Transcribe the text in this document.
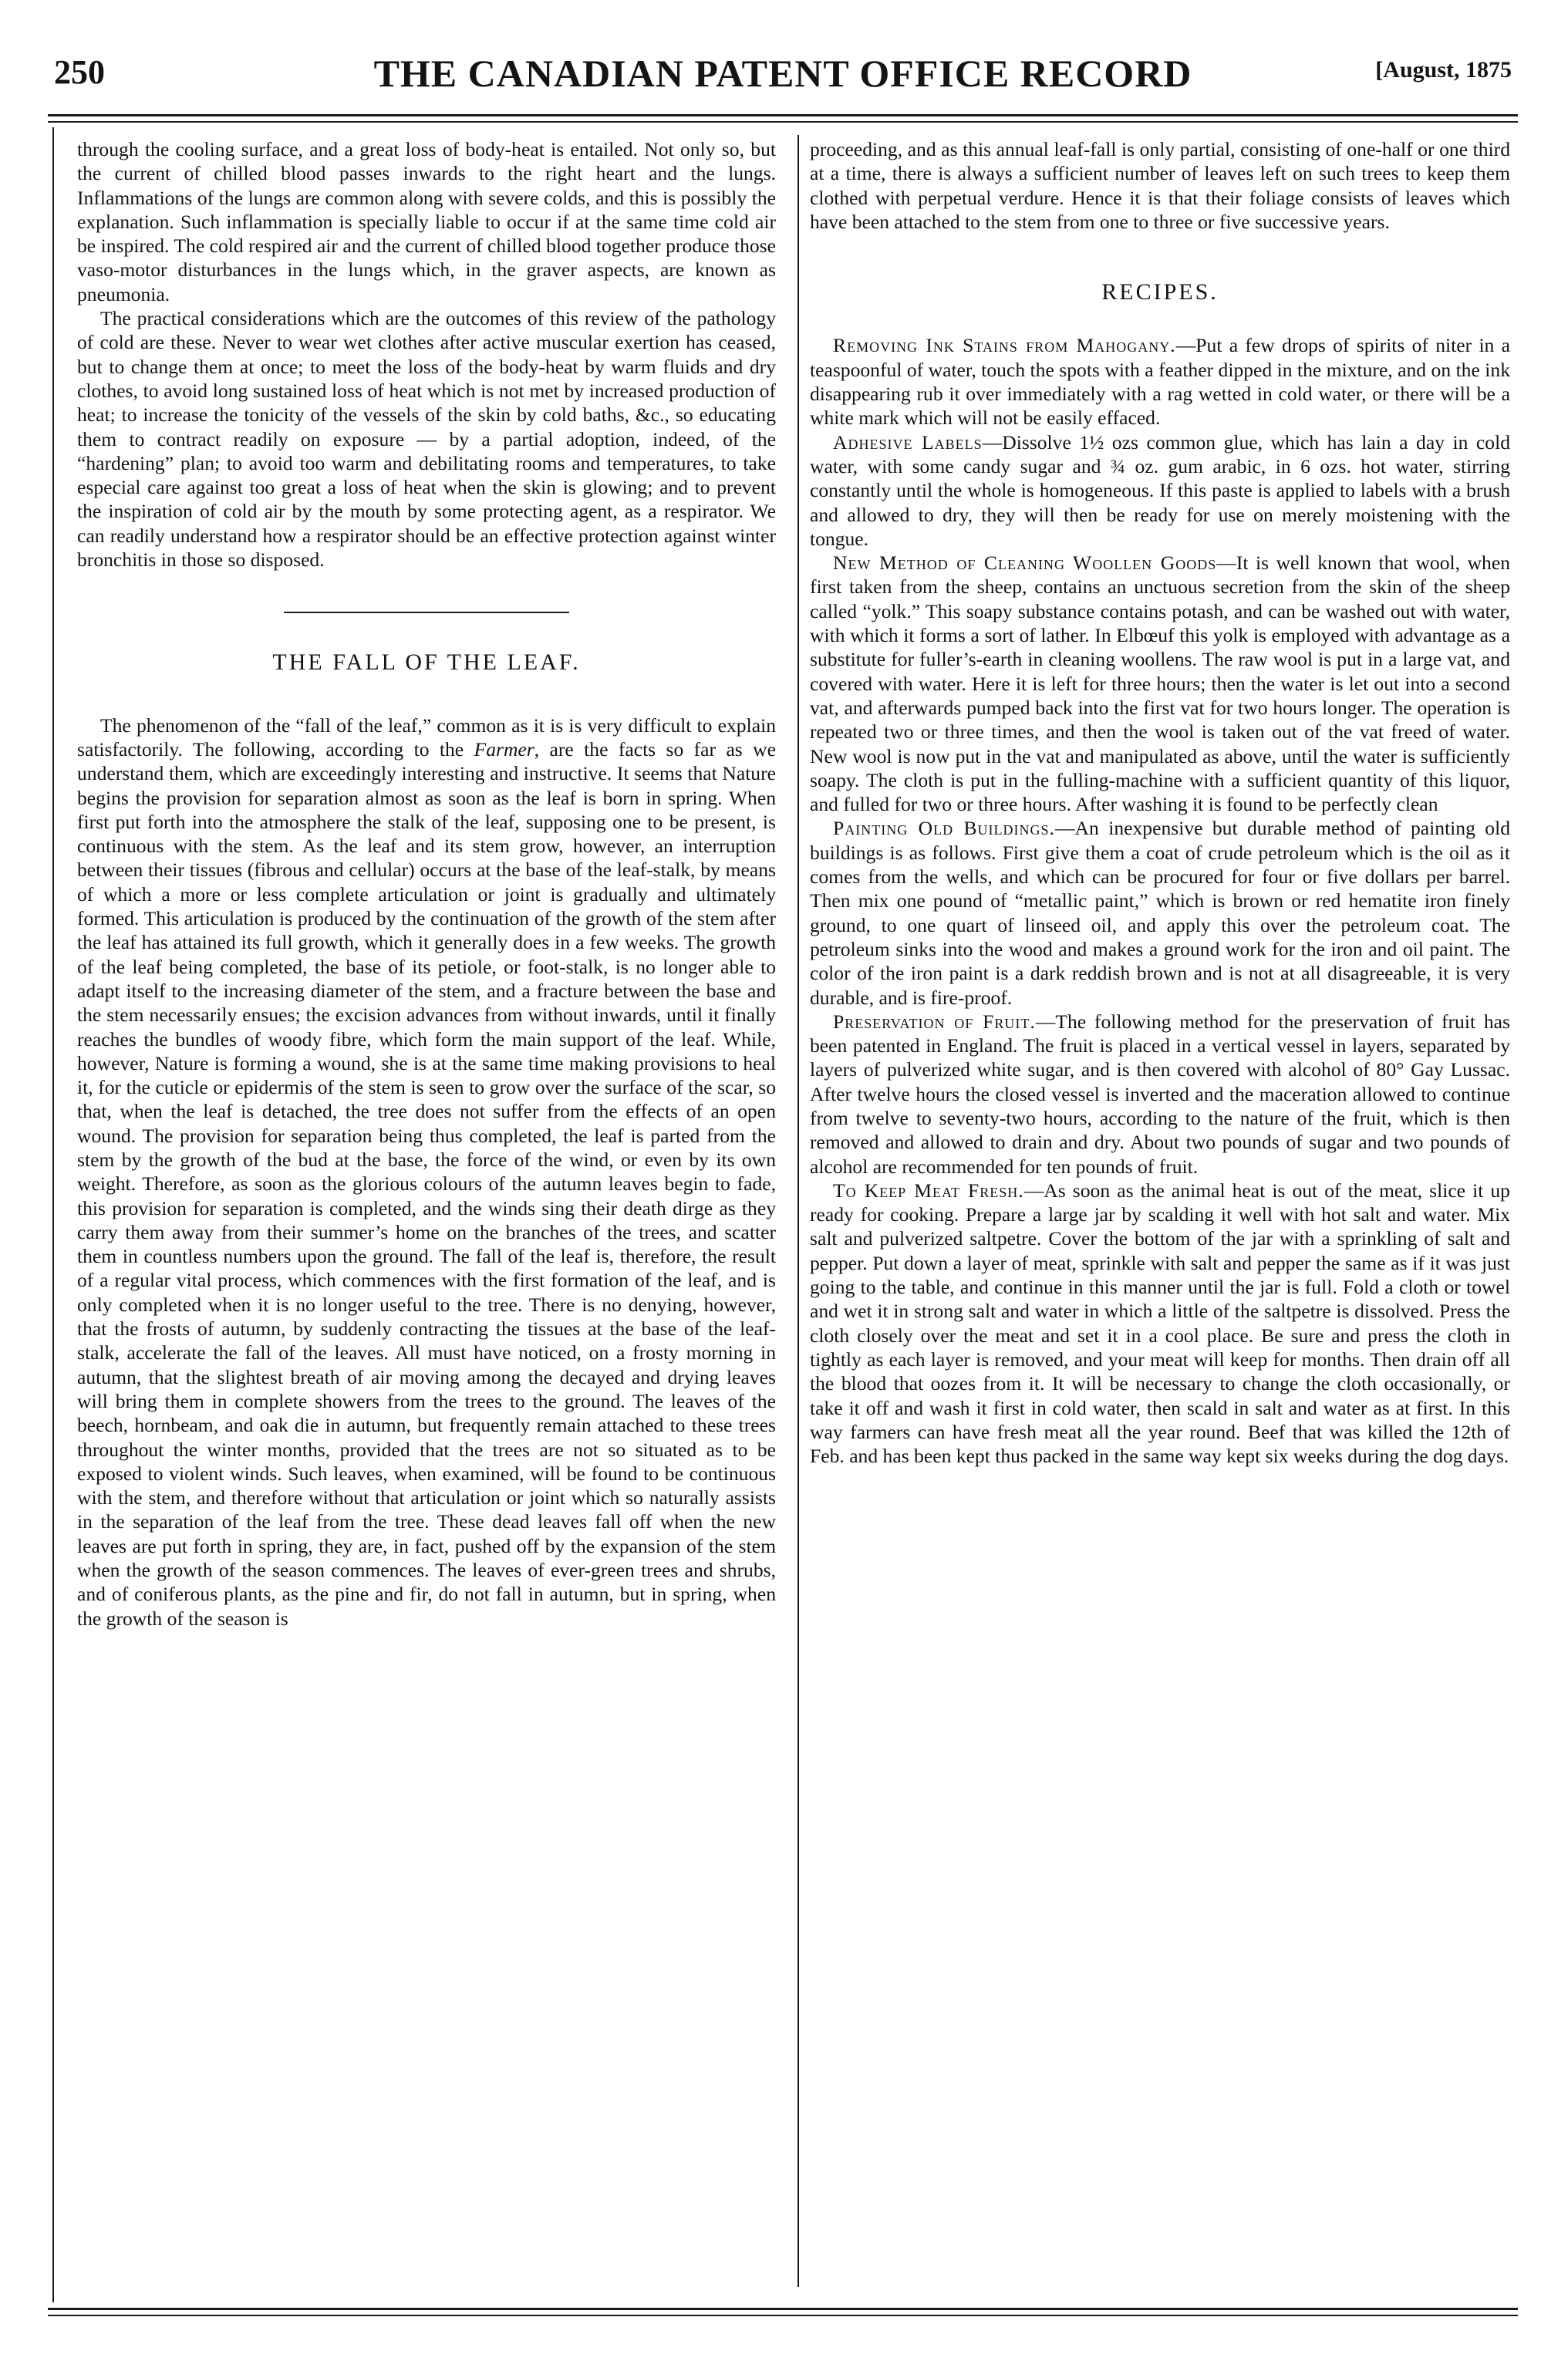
250	THE CANADIAN PATENT OFFICE RECORD	[August, 1875

through the cooling surface, and a great loss of body-heat is entailed. Not only so, but the current of chilled blood passes inwards to the right heart and the lungs. Inflammations of the lungs are common along with severe colds, and this is possibly the explanation. Such inflammation is specially liable to occur if at the same time cold air be inspired. The cold respired air and the current of chilled blood together produce those vaso-motor disturbances in the lungs which, in the graver aspects, are known as pneumonia.

The practical considerations which are the outcomes of this review of the pathology of cold are these. Never to wear wet clothes after active muscular exertion has ceased, but to change them at once; to meet the loss of the body-heat by warm fluids and dry clothes, to avoid long sustained loss of heat which is not met by increased production of heat; to increase the tonicity of the vessels of the skin by cold baths, &c., so educating them to contract readily on exposure — by a partial adoption, indeed, of the “hardening” plan; to avoid too warm and debilitating rooms and temperatures, to take especial care against too great a loss of heat when the skin is glowing; and to prevent the inspiration of cold air by the mouth by some protecting agent, as a respirator. We can readily understand how a respirator should be an effective protection against winter bronchitis in those so disposed.

THE FALL OF THE LEAF.

The phenomenon of the “fall of the leaf,” common as it is is very difficult to explain satisfactorily. The following, according to the Farmer, are the facts so far as we understand them, which are exceedingly interesting and instructive. It seems that Nature begins the provision for separation almost as soon as the leaf is born in spring. When first put forth into the atmosphere the stalk of the leaf, supposing one to be present, is continuous with the stem. As the leaf and its stem grow, however, an interruption between their tissues (fibrous and cellular) occurs at the base of the leaf-stalk, by means of which a more or less complete articulation or joint is gradually and ultimately formed. This articulation is produced by the continuation of the growth of the stem after the leaf has attained its full growth, which it generally does in a few weeks. The growth of the leaf being completed, the base of its petiole, or foot-stalk, is no longer able to adapt itself to the increasing diameter of the stem, and a fracture between the base and the stem necessarily ensues; the excision advances from without inwards, until it finally reaches the bundles of woody fibre, which form the main support of the leaf. While, however, Nature is forming a wound, she is at the same time making provisions to heal it, for the cuticle or epidermis of the stem is seen to grow over the surface of the scar, so that, when the leaf is detached, the tree does not suffer from the effects of an open wound. The provision for separation being thus completed, the leaf is parted from the stem by the growth of the bud at the base, the force of the wind, or even by its own weight. Therefore, as soon as the glorious colours of the autumn leaves begin to fade, this provision for separation is completed, and the winds sing their death dirge as they carry them away from their summer’s home on the branches of the trees, and scatter them in countless numbers upon the ground. The fall of the leaf is, therefore, the result of a regular vital process, which commences with the first formation of the leaf, and is only completed when it is no longer useful to the tree. There is no denying, however, that the frosts of autumn, by suddenly contracting the tissues at the base of the leaf-stalk, accelerate the fall of the leaves. All must have noticed, on a frosty morning in autumn, that the slightest breath of air moving among the decayed and drying leaves will bring them in complete showers from the trees to the ground. The leaves of the beech, hornbeam, and oak die in autumn, but frequently remain attached to these trees throughout the winter months, provided that the trees are not so situated as to be exposed to violent winds. Such leaves, when examined, will be found to be continuous with the stem, and therefore without that articulation or joint which so naturally assists in the separation of the leaf from the tree. These dead leaves fall off when the new leaves are put forth in spring, they are, in fact, pushed off by the expansion of the stem when the growth of the season commences. The leaves of ever-green trees and shrubs, and of coniferous plants, as the pine and fir, do not fall in autumn, but in spring, when the growth of the season is

proceeding, and as this annual leaf-fall is only partial, consisting of one-half or one third at a time, there is always a sufficient number of leaves left on such trees to keep them clothed with perpetual verdure. Hence it is that their foliage consists of leaves which have been attached to the stem from one to three or five successive years.

RECIPES.

Removing Ink Stains from Mahogany.—Put a few drops of spirits of niter in a teaspoonful of water, touch the spots with a feather dipped in the mixture, and on the ink disappearing rub it over immediately with a rag wetted in cold water, or there will be a white mark which will not be easily effaced.

Adhesive Labels—Dissolve 1½ ozs common glue, which has lain a day in cold water, with some candy sugar and ¾ oz. gum arabic, in 6 ozs. hot water, stirring constantly until the whole is homogeneous. If this paste is applied to labels with a brush and allowed to dry, they will then be ready for use on merely moistening with the tongue.

New Method of Cleaning Woollen Goods—It is well known that wool, when first taken from the sheep, contains an unctuous secretion from the skin of the sheep called “yolk.” This soapy substance contains potash, and can be washed out with water, with which it forms a sort of lather. In Elbœuf this yolk is employed with advantage as a substitute for fuller’s-earth in cleaning woollens. The raw wool is put in a large vat, and covered with water. Here it is left for three hours; then the water is let out into a second vat, and afterwards pumped back into the first vat for two hours longer. The operation is repeated two or three times, and then the wool is taken out of the vat freed of water. New wool is now put in the vat and manipulated as above, until the water is sufficiently soapy. The cloth is put in the fulling-machine with a sufficient quantity of this liquor, and fulled for two or three hours. After washing it is found to be perfectly clean

Painting Old Buildings.—An inexpensive but durable method of painting old buildings is as follows. First give them a coat of crude petroleum which is the oil as it comes from the wells, and which can be procured for four or five dollars per barrel. Then mix one pound of “metallic paint,” which is brown or red hematite iron finely ground, to one quart of linseed oil, and apply this over the petroleum coat. The petroleum sinks into the wood and makes a ground work for the iron and oil paint. The color of the iron paint is a dark reddish brown and is not at all disagreeable, it is very durable, and is fire-proof.

Preservation of Fruit.—The following method for the preservation of fruit has been patented in England. The fruit is placed in a vertical vessel in layers, separated by layers of pulverized white sugar, and is then covered with alcohol of 80° Gay Lussac. After twelve hours the closed vessel is inverted and the maceration allowed to continue from twelve to seventy-two hours, according to the nature of the fruit, which is then removed and allowed to drain and dry. About two pounds of sugar and two pounds of alcohol are recommended for ten pounds of fruit.

To Keep Meat Fresh.—As soon as the animal heat is out of the meat, slice it up ready for cooking. Prepare a large jar by scalding it well with hot salt and water. Mix salt and pulverized saltpetre. Cover the bottom of the jar with a sprinkling of salt and pepper. Put down a layer of meat, sprinkle with salt and pepper the same as if it was just going to the table, and continue in this manner until the jar is full. Fold a cloth or towel and wet it in strong salt and water in which a little of the saltpetre is dissolved. Press the cloth closely over the meat and set it in a cool place. Be sure and press the cloth in tightly as each layer is removed, and your meat will keep for months. Then drain off all the blood that oozes from it. It will be necessary to change the cloth occasionally, or take it off and wash it first in cold water, then scald in salt and water as at first. In this way farmers can have fresh meat all the year round. Beef that was killed the 12th of Feb. and has been kept thus packed in the same way kept six weeks during the dog days.
